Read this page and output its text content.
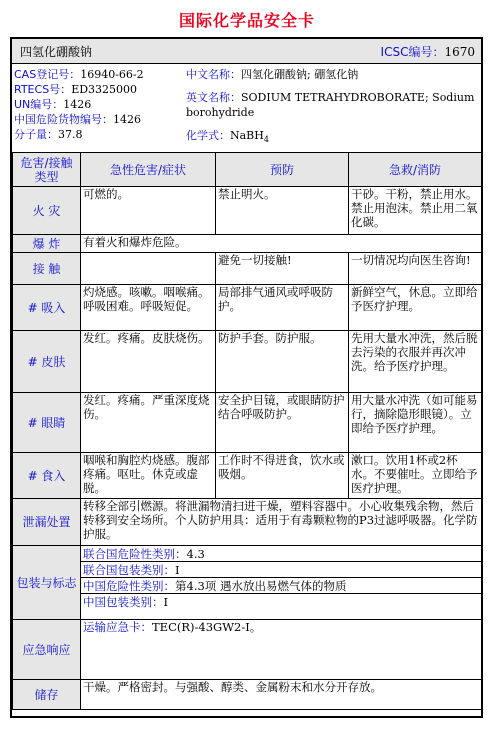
国际化学品安全卡
四氢化硼酸钠	ICSC编号：1670
CAS登记号：16940-66-2
RTECS号：ED3325000
UN编号：1426
中国危险货物编号：1426
分子量：37.8
中文名称：四氢化硼酸钠; 硼氢化钠
英文名称：SODIUM TETRAHYDROBORATE; Sodium
borohydride
化学式：NaBH$_4$
危害/接触类型	急性危害/症状	预防	急救/消防
火 灾	可燃的。	禁止明火。	干砂。干粉，禁止用水。禁止用泡沫。禁止用二氧化碳。
爆 炸	有着火和爆炸危险。		
接 触		避免一切接触!	一切情况均向医生咨询!
# 吸入	灼烧感。咳嗽。咽喉痛。呼吸困难。呼吸短促。	局部排气通风或呼吸防护。	新鲜空气，休息。立即给予医疗护理。
# 皮肤	发红。疼痛。皮肤烧伤。	防护手套。防护服。	先用大量水冲洗，然后脱去污染的衣服并再次冲洗。给予医疗护理。
# 眼睛	发红。疼痛。严重深度烧伤。	安全护目镜，或眼睛防护结合呼吸防护。	用大量水冲洗（如可能易行，摘除隐形眼镜）。立即给予医疗护理。
# 食入	咽喉和胸腔灼烧感。腹部疼痛。呕吐。休克或虚脱。	工作时不得进食，饮水或吸烟。	漱口。饮用1杯或2杯水。不要催吐。立即给予医疗护理。
泄漏处置	转移全部引燃源。将泄漏物清扫进干燥，塑料容器中。小心收集残余物，然后转移到安全场所。个人防护用具：适用于有毒颗粒物的P3过滤呼吸器。化学防护服。		
包装与标志	联合国危险性类别：4.3
联合国包装类别：I
中国危险性类别：第4.3项 遇水放出易燃气体的物质
中国包装类别：I		

应急响应	运输应急卡：TEC(R)-43GW2-I。		
储存	干燥。严格密封。与强酸、醇类、金属粉末和水分开存放。		
